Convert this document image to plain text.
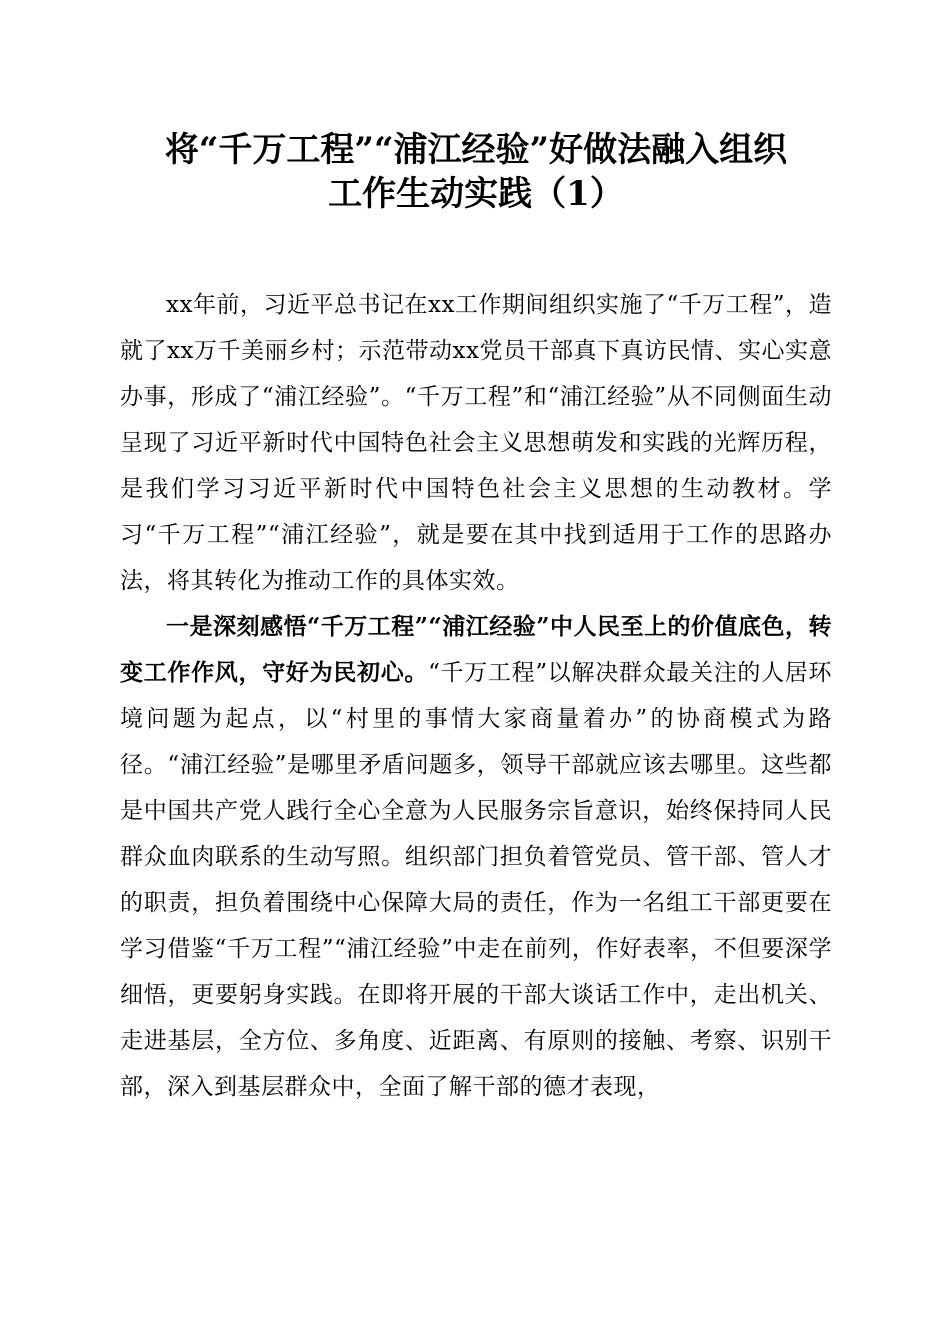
将“千万工程”“浦江经验”好做法融入组织
工作生动实践（1）

xx年前，习近平总书记在xx工作期间组织实施了“千万工程”，造就了xx万千美丽乡村；示范带动xx党员干部真下真访民情、实心实意办事，形成了“浦江经验”。“千万工程”和“浦江经验”从不同侧面生动呈现了习近平新时代中国特色社会主义思想萌发和实践的光辉历程，是我们学习习近平新时代中国特色社会主义思想的生动教材。学习“千万工程”“浦江经验”，就是要在其中找到适用于工作的思路办法，将其转化为推动工作的具体实效。

一是深刻感悟“千万工程”“浦江经验”中人民至上的价值底色，转变工作作风，守好为民初心。“千万工程”以解决群众最关注的人居环境问题为起点，以“村里的事情大家商量着办”的协商模式为路径。“浦江经验”是哪里矛盾问题多，领导干部就应该去哪里。这些都是中国共产党人践行全心全意为人民服务宗旨意识，始终保持同人民群众血肉联系的生动写照。组织部门担负着管党员、管干部、管人才的职责，担负着围绕中心保障大局的责任，作为一名组工干部更要在学习借鉴“千万工程”“浦江经验”中走在前列，作好表率，不但要深学细悟，更要躬身实践。在即将开展的干部大谈话工作中，走出机关、走进基层，全方位、多角度、近距离、有原则的接触、考察、识别干部，深入到基层群众中，全面了解干部的德才表现，
